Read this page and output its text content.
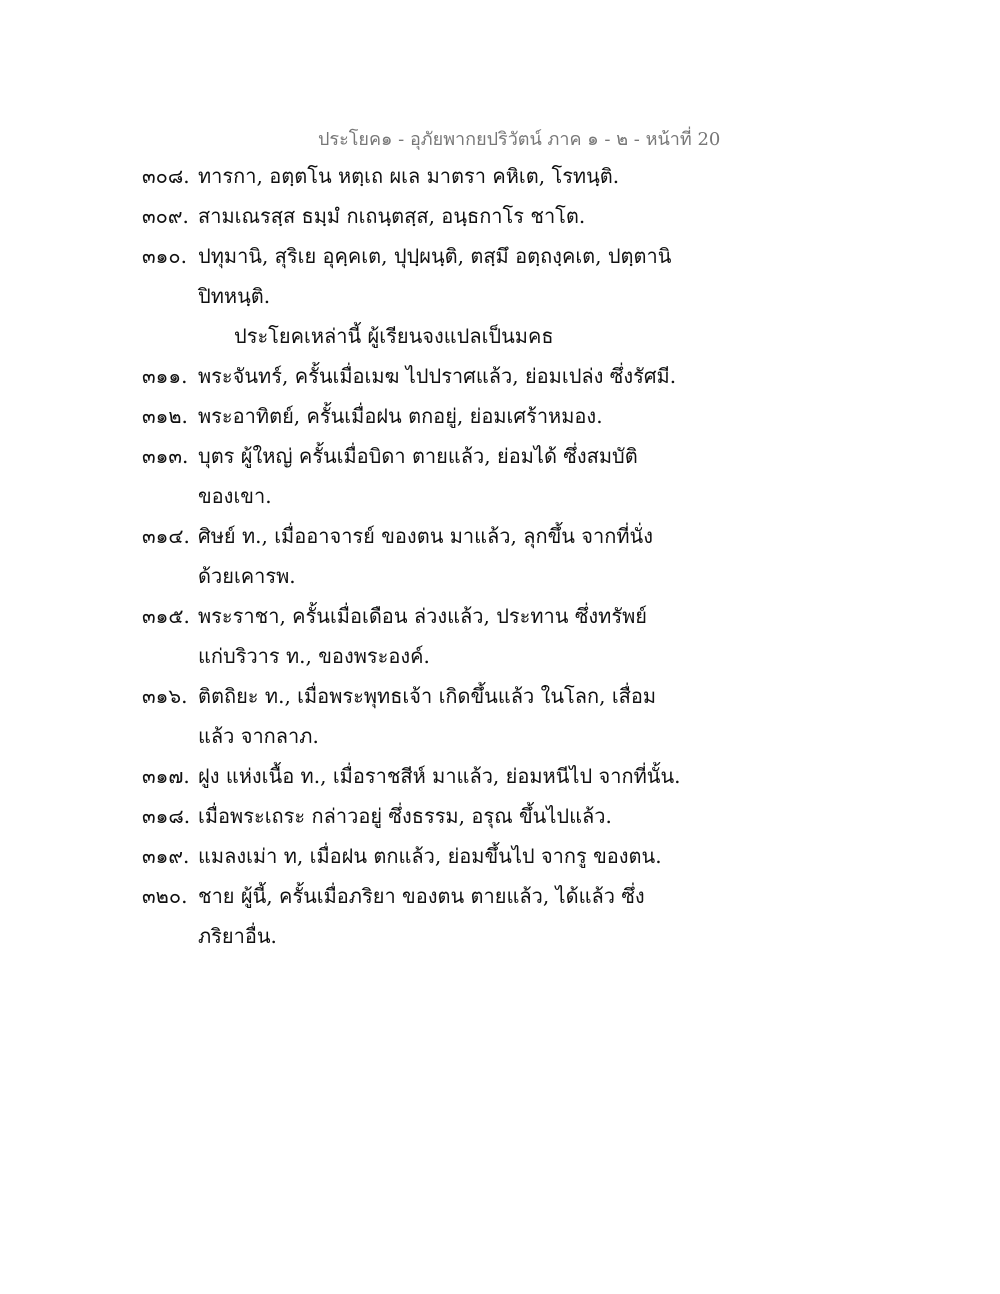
ประโยค๑ - อุภัยพากยปริวัตน์ ภาค ๑ - ๒ - หน้าที่ 20
๓๐๘. ทารกา, อตฺตโน หตฺเถ ผเล มาตรา คหิเต, โรทนฺติ.
๓๐๙. สามเณรสฺส ธมฺมํ กเถนฺตสฺส, อนฺธกาโร ชาโต.
๓๑๐. ปทุมานิ, สุริเย อุคฺคเต, ปุปฺผนฺติ, ตสฺมึ อตฺถงฺคเต, ปตฺตานิ
ปิทหนฺติ.
ประโยคเหล่านี้ ผู้เรียนจงแปลเป็นมคธ
๓๑๑. พระจันทร์, ครั้นเมื่อเมฆ ไปปราศแล้ว, ย่อมเปล่ง ซึ่งรัศมี.
๓๑๒. พระอาทิตย์, ครั้นเมื่อฝน ตกอยู่, ย่อมเศร้าหมอง.
๓๑๓. บุตร ผู้ใหญ่ ครั้นเมื่อบิดา ตายแล้ว, ย่อมได้ ซึ่งสมบัติ
ของเขา.
๓๑๔. ศิษย์ ท., เมื่ออาจารย์ ของตน มาแล้ว, ลุกขึ้น จากที่นั่ง
ด้วยเคารพ.
๓๑๕. พระราชา, ครั้นเมื่อเดือน ล่วงแล้ว, ประทาน ซึ่งทรัพย์
แก่บริวาร ท., ของพระองค์.
๓๑๖. ติตถิยะ ท., เมื่อพระพุทธเจ้า เกิดขึ้นแล้ว ในโลก, เสื่อม
แล้ว จากลาภ.
๓๑๗. ฝูง แห่งเนื้อ ท., เมื่อราชสีห์ มาแล้ว, ย่อมหนีไป จากที่นั้น.
๓๑๘. เมื่อพระเถระ กล่าวอยู่ ซึ่งธรรม, อรุณ ขึ้นไปแล้ว.
๓๑๙. แมลงเม่า ท, เมื่อฝน ตกแล้ว, ย่อมขึ้นไป จากรู ของตน.
๓๒๐. ชาย ผู้นี้, ครั้นเมื่อภริยา ของตน ตายแล้ว, ได้แล้ว ซึ่ง
ภริยาอื่น.
